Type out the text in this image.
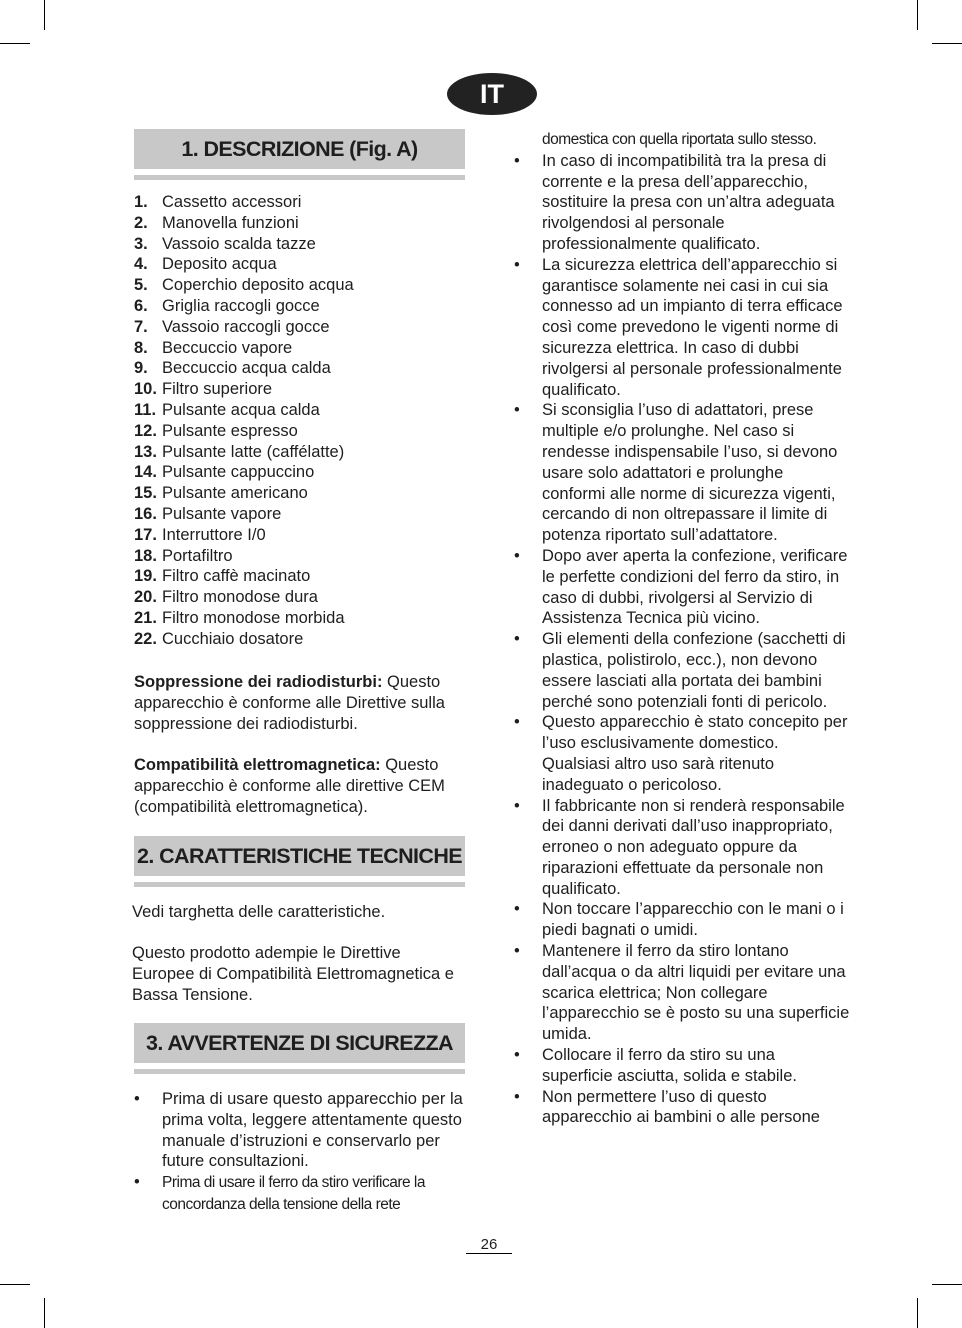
IT
1. DESCRIZIONE (Fig. A)
1. Cassetto accessori
2. Manovella funzioni
3. Vassoio scalda tazze
4. Deposito acqua
5. Coperchio deposito acqua
6. Griglia raccogli gocce
7. Vassoio raccogli gocce
8. Beccuccio vapore
9. Beccuccio acqua calda
10. Filtro superiore
11. Pulsante acqua calda
12. Pulsante espresso
13. Pulsante latte (caffélatte)
14. Pulsante cappuccino
15. Pulsante americano
16. Pulsante vapore
17. Interruttore I/0
18. Portafiltro
19. Filtro caffè macinato
20. Filtro monodose dura
21. Filtro monodose morbida
22. Cucchiaio dosatore
Soppressione dei radiodisturbi: Questo apparecchio è conforme alle Direttive sulla soppressione dei radiodisturbi.
Compatibilità elettromagnetica: Questo apparecchio è conforme alle direttive CEM (compatibilità elettromagnetica).
2. CARATTERISTICHE TECNICHE
Vedi targhetta delle caratteristiche.
Questo prodotto adempie le Direttive Europee di Compatibilità Elettromagnetica e Bassa Tensione.
3. AVVERTENZE DI SICUREZZA
• Prima di usare questo apparecchio per la prima volta, leggere attentamente questo manuale d’istruzioni e conservarlo per future consultazioni.
• Prima di usare il ferro da stiro verificare la concordanza della tensione della rete
domestica con quella riportata sullo stesso.
• In caso di incompatibilità tra la presa di corrente e la presa dell’apparecchio, sostituire la presa con un’altra adeguata rivolgendosi al personale professionalmente qualificato.
• La sicurezza elettrica dell’apparecchio si garantisce solamente nei casi in cui sia connesso ad un impianto di terra efficace così come prevedono le vigenti norme di sicurezza elettrica. In caso di dubbi rivolgersi al personale professionalmente qualificato.
• Si sconsiglia l’uso di adattatori, prese multiple e/o prolunghe. Nel caso si rendesse indispensabile l’uso, si devono usare solo adattatori e prolunghe conformi alle norme di sicurezza vigenti, cercando di non oltrepassare il limite di potenza riportato sull’adattatore.
• Dopo aver aperta la confezione, verificare le perfette condizioni del ferro da stiro, in caso di dubbi, rivolgersi al Servizio di Assistenza Tecnica più vicino.
• Gli elementi della confezione (sacchetti di plastica, polistirolo, ecc.), non devono essere lasciati alla portata dei bambini perché sono potenziali fonti di pericolo.
• Questo apparecchio è stato concepito per l’uso esclusivamente domestico. Qualsiasi altro uso sarà ritenuto inadeguato o pericoloso.
• Il fabbricante non si renderà responsabile dei danni derivati dall’uso inappropriato, erroneo o non adeguato oppure da riparazioni effettuate da personale non qualificato.
• Non toccare l’apparecchio con le mani o i piedi bagnati o umidi.
• Mantenere il ferro da stiro lontano dall’acqua o da altri liquidi per evitare una scarica elettrica; Non collegare l’apparecchio se è posto su una superficie umida.
• Collocare il ferro da stiro su una superficie asciutta, solida e stabile.
• Non permettere l’uso di questo apparecchio ai bambini o alle persone
26
